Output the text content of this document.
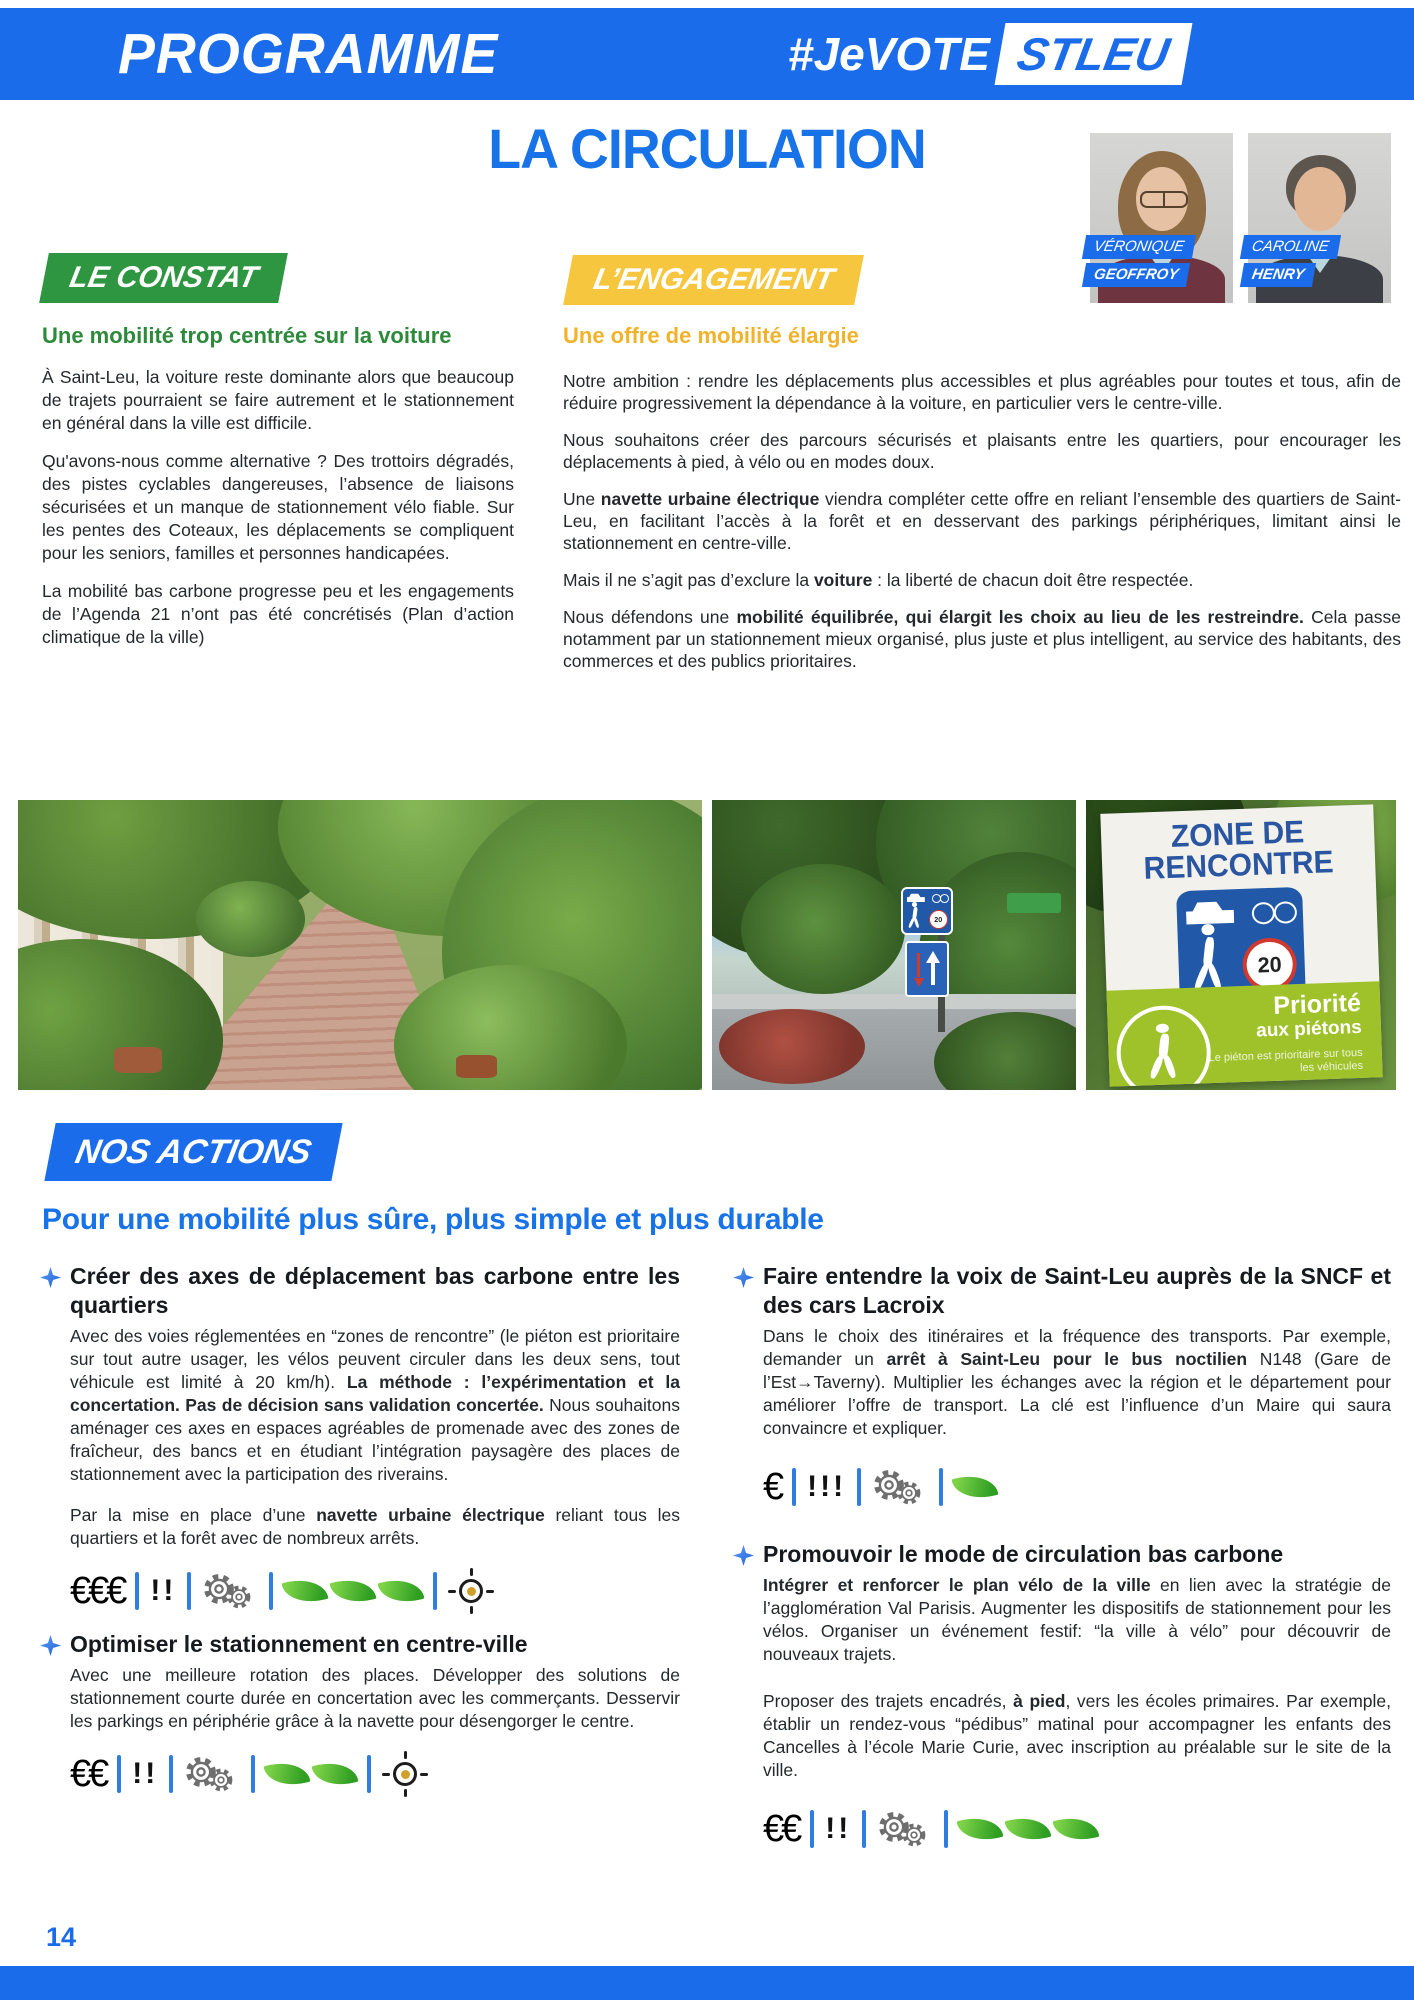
PROGRAMME	#JeVOTE STLEU
LA CIRCULATION
VÉRONIQUE
GEOFFROY
CAROLINE
HENRY
LE CONSTAT	L’ENGAGEMENT
Une mobilité trop centrée sur la voiture

À Saint-Leu, la voiture reste dominante alors que beaucoup de trajets pourraient se faire autrement et le stationnement en général dans la ville est difficile.

Qu'avons-nous comme alternative ? Des trottoirs dégradés, des pistes cyclables dangereuses, l’absence de liaisons sécurisées et un manque de stationnement vélo fiable. Sur les pentes des Coteaux, les déplacements se compliquent pour les seniors, familles et personnes handicapées.

La mobilité bas carbone progresse peu et les engagements de l’Agenda 21 n’ont pas été concrétisés (Plan d’action climatique de la ville)

Une offre de mobilité élargie

Notre ambition : rendre les déplacements plus accessibles et plus agréables pour toutes et tous, afin de réduire progressivement la dépendance à la voiture, en particulier vers le centre-ville.

Nous souhaitons créer des parcours sécurisés et plaisants entre les quartiers, pour encourager les déplacements à pied, à vélo ou en modes doux.

Une navette urbaine électrique viendra compléter cette offre en reliant l’ensemble des quartiers de Saint-Leu, en facilitant l’accès à la forêt et en desservant des parkings périphériques, limitant ainsi le stationnement en centre-ville.

Mais il ne s’agit pas d’exclure la voiture : la liberté de chacun doit être respectée.

Nous défendons une mobilité équilibrée, qui élargit les choix au lieu de les restreindre. Cela passe notamment par un stationnement mieux organisé, plus juste et plus intelligent, au service des habitants, des commerces et des publics prioritaires.

20
ZONE DE
RENCONTRE
20
Priorité
aux piétons
Le piéton est prioritaire sur tous les véhicules
NOS ACTIONS
Pour une mobilité plus sûre, plus simple et plus durable
Créer des axes de déplacement bas carbone entre les quartiers

Avec des voies réglementées en “zones de rencontre” (le piéton est prioritaire sur tout autre usager, les vélos peuvent circuler dans les deux sens, tout véhicule est limité à 20 km/h). La méthode : l’expérimentation et la concertation. Pas de décision sans validation concertée. Nous souhaitons aménager ces axes en espaces agréables de promenade avec des zones de fraîcheur, des bancs et en étudiant l’intégration paysagère des places de stationnement avec la participation des riverains.

Par la mise en place d’une navette urbaine électrique reliant tous les quartiers et la forêt avec de nombreux arrêts.

€€€ !!
Optimiser le stationnement en centre-ville

Avec une meilleure rotation des places. Développer des solutions de stationnement courte durée en concertation avec les commerçants. Desservir les parkings en périphérie grâce à la navette pour désengorger le centre.

€€ !!
Faire entendre la voix de Saint-Leu auprès de la SNCF et des cars Lacroix

Dans le choix des itinéraires et la fréquence des transports. Par exemple, demander un arrêt à Saint-Leu pour le bus noctilien N148 (Gare de l’Est→Taverny). Multiplier les échanges avec la région et le département pour améliorer l’offre de transport. La clé est l’influence d’un Maire qui saura convaincre et expliquer.

€ !!!
Promouvoir le mode de circulation bas carbone

Intégrer et renforcer le plan vélo de la ville en lien avec la stratégie de l’agglomération Val Parisis. Augmenter les dispositifs de stationnement pour les vélos. Organiser un événement festif: “la ville à vélo” pour découvrir de nouveaux trajets.

Proposer des trajets encadrés, à pied, vers les écoles primaires. Par exemple, établir un rendez-vous “pédibus” matinal pour accompagner les enfants des Cancelles à l’école Marie Curie, avec inscription au préalable sur le site de la ville.

€€ !!
14
